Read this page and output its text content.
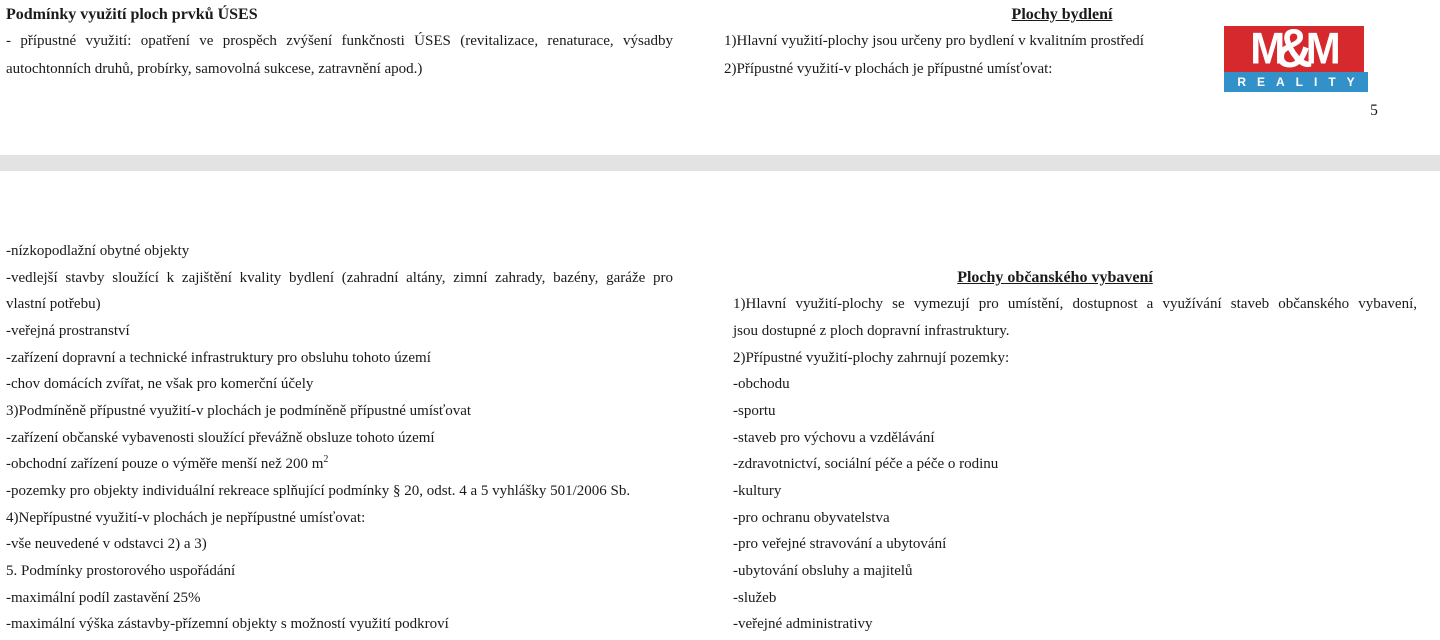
Podmínky využití ploch prvků ÚSES
- přípustné využití: opatření ve prospěch zvýšení funkčnosti ÚSES (revitalizace, renaturace, výsadby
autochtonních druhů, probírky, samovolná sukcese, zatravnění apod.)
Plochy bydlení
1)Hlavní využití-plochy jsou určeny pro bydlení v kvalitním prostředí
2)Přípustné využití-v plochách je přípustné umísťovat:	M
&
M
REALITY
5
-nízkopodlažní obytné objekty
-vedlejší stavby sloužící k zajištění kvality bydlení (zahradní altány, zimní zahrady, bazény, garáže pro
vlastní potřebu)
-veřejná prostranství
-zařízení dopravní a technické infrastruktury pro obsluhu tohoto území
-chov domácích zvířat, ne však pro komerční účely
3)Podmíněně přípustné využití-v plochách je podmíněně přípustné umísťovat
-zařízení občanské vybavenosti sloužící převážně obsluze tohoto území
-obchodní zařízení pouze o výměře menší než 200 $m^2$
-pozemky pro objekty individuální rekreace splňující podmínky § 20, odst. 4 a 5 vyhlášky 501/2006 Sb.
4)Nepřípustné využití-v plochách je nepřípustné umísťovat:
-vše neuvedené v odstavci 2) a 3)
5. Podmínky prostorového uspořádání
-maximální podíl zastavění 25%
-maximální výška zástavby-přízemní objekty s možností využití podkroví
Plochy občanského vybavení
1)Hlavní využití-plochy se vymezují pro umístění, dostupnost a využívání staveb občanského vybavení,
jsou dostupné z ploch dopravní infrastruktury.
2)Přípustné využití-plochy zahrnují pozemky:
-obchodu
-sportu
-staveb pro výchovu a vzdělávání
-zdravotnictví, sociální péče a péče o rodinu
-kultury
-pro ochranu obyvatelstva
-pro veřejné stravování a ubytování
-ubytování obsluhy a majitelů
-služeb
-veřejné administrativy
